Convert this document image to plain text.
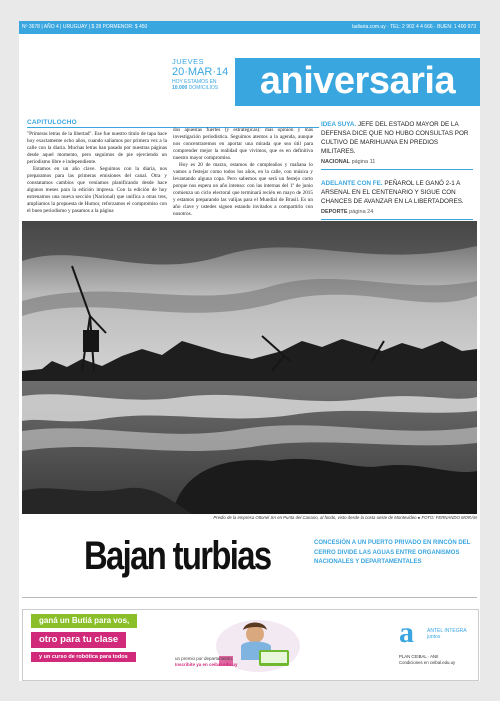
Nº 3678 | AÑO 4 | URUGUAY | $ 28 PORMENOR: $ 450	ladiaria.com.uy · TEL: 2 902 4 4 666 · BUEN: 1 400 973
JUEVES
20·MAR·14
HOY ESTAMOS EN
10.000 DOMICILIOS	aniversaria
CAPITULOCHO

"Primeras letras de la libertad". Ese fue nuestro título de tapa hace hoy exactamente ocho años, cuando salíamos por primera vez a la calle con la diaria. Muchas letras han pasado por nuestras páginas desde aquel momento, pero seguimos de pie ejerciendo un periodismo libre e independiente.

Estamos en un año clave. Seguimos con la diaria, nos preparamos para las primeras emisiones del canal. Otra y constatamos cambios que veníamos planificando desde hace algunos meses para la edición impresa. Con la edición de hoy estrenamos una nueva sección (Nacional) que unifica a otras tres, ampliamos la propuesta de Humor, reforzamos el compromiso con el buen periodismo y pasamos a la página

dos apuestas fuertes (y estratégicas): más opinión y más investigación periodística. Seguimos atentos a la agenda, aunque nos concentraremos en aportar una mirada que sea útil para comprender mejor la realidad que vivimos, que es en definitiva nuestro mayor compromiso.

Hoy es 20 de marzo, estamos de cumpleaños y mañana lo vamos a festejar como todos los años, en la calle, con música y levantando alguna copa. Pero sabemos que será un festejo corto porque nos espera un año intenso: con las internas del 1º de junio comienza un ciclo electoral que terminará recién en mayo de 2015 y estamos preparando las valijas para el Mundial de Brasil. Es un año clave y ustedes siguen estando invitados a compartirlo con nosotros.

IDEA SUYA. JEFE DEL ESTADO MAYOR DE LA DEFENSA DICE QUE NO HUBO CONSULTAS POR CULTIVO DE MARIHUANA EN PREDIOS MILITARES.
NACIONAL página 11
ADELANTE CON FE. PEÑAROL LE GANÓ 2-1 A ARSENAL EN EL CENTENARIO Y SIGUE CON CHANCES DE AVANZAR EN LA LIBERTADORES.
DEPORTE página 24
Predio de la empresa Ottonel SA en Punta del Canario, al fondo, visto desde la costa oeste de Montevideo ● FOTO: FERNANDO MORÁN
Bajan turbias	CONCESIÓN A UN PUERTO PRIVADO EN RINCÓN DEL CERRO DIVIDE LAS AGUAS ENTRE ORGANISMOS NACIONALES Y DEPARTAMENTALES
ganá un Butiá para vos,
otro para tu clase
y un curso de robótica para todos	un premio por departamento.
Inscribite ya en ceibal.edu.uy
a	ANTEL INTEGRA
juntos
PLAN CEIBAL · ANII
Condiciones en ceibal.edu.uy
